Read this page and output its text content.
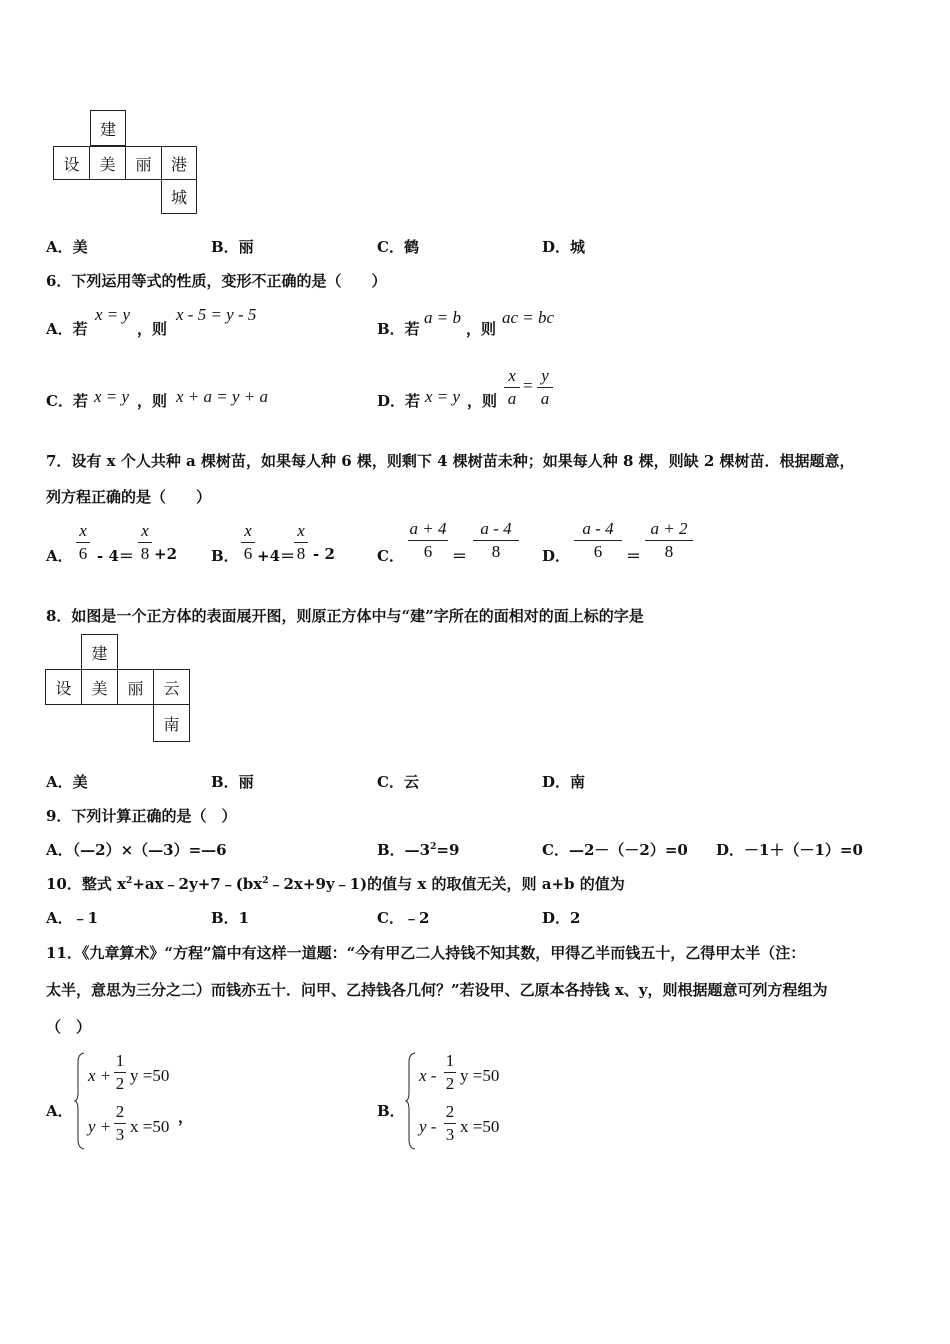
建
设	美	丽	港
城
A．美	B．丽	C．鹤	D．城
6．下列运用等式的性质，变形不正确的是（　　）
A．若
x = y
，则
x - 5 = y - 5
B．若
a = b
，则
ac = bc
C．若 x = y ，则 x + a = y + a	D．若 x = y ，则
x
a
=
y
a
7．设有 x 个人共种 a 棵树苗，如果每人种 6 棵，则剩下 4 棵树苗未种；如果每人种 8 棵，则缺 2 棵树苗．根据题意，
列方程正确的是（　　）
A．
x
6 - 4＝
x
8 +2 B．
x
6 +4＝
x
8 - 2	C．
a + 4
6	＝
a - 4
8	D．
a - 4
6	＝
a + 2
8
8．如图是一个正方体的表面展开图，则原正方体中与“建”字所在的面相对的面上标的字是
建
设	美	丽	云
南
A．美	B．丽	C．云	D．南
9．下列计算正确的是（　）
A．（—2）×（—3）=—6	B．$—3^2=9$	C．—2－（－2）=0 D．－1＋（－1）=0
10．整式 $x^2+ax﹣2y+7﹣(bx^2﹣2x+9y﹣1)$的值与 x 的取值无关，则 a+b 的值为
A．﹣1	B．1	C．﹣2	D．2
11．《九章算术》“方程”篇中有这样一道题：“今有甲乙二人持钱不知其数，甲得乙半而钱五十，乙得甲太半（注：
太半，意思为三分之二）而钱亦五十．问甲、乙持钱各几何？”若设甲、乙原本各持钱 x、y，则根据题意可列方程组为
（　）
A．
x +
1
2 y =50
y +
2
3 x =50 ，	B．
x -
1
2 y =50
y -
2
3 x =50
